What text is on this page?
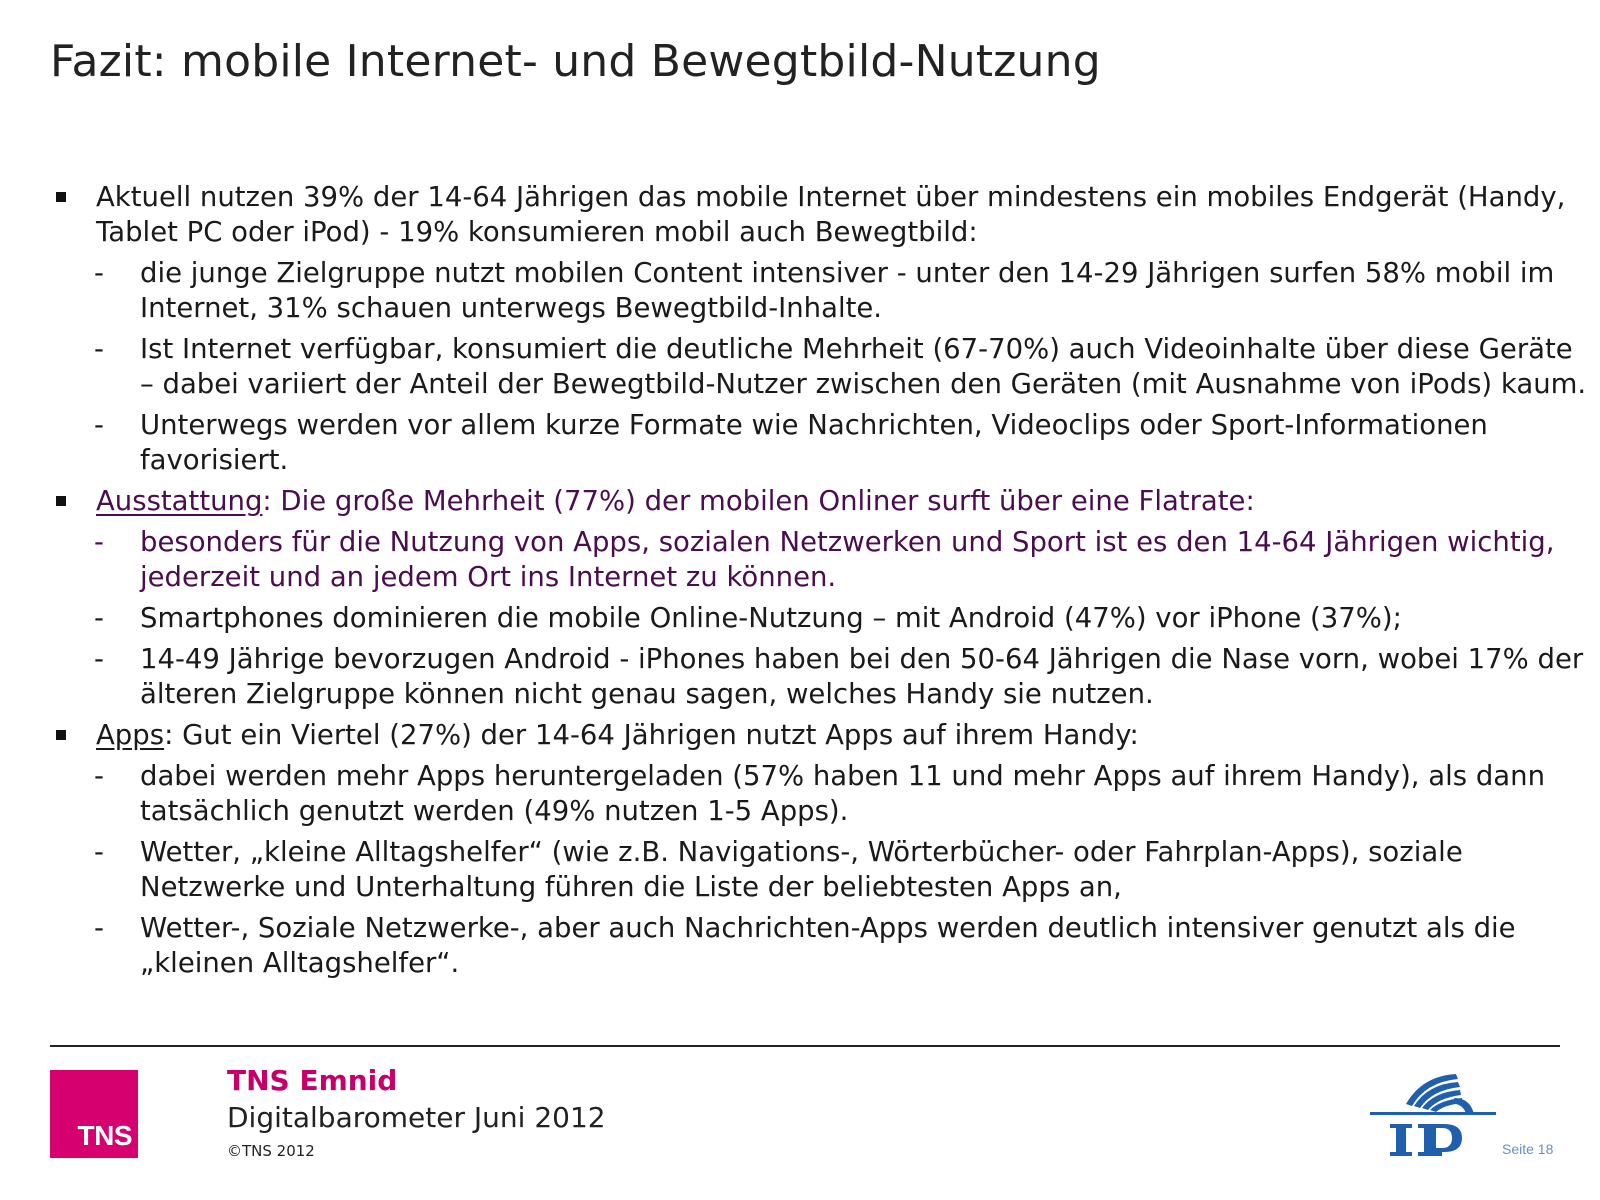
Fazit: mobile Internet- und Bewegtbild-Nutzung
Aktuell nutzen 39% der 14-64 Jährigen das mobile Internet über mindestens ein mobiles Endgerät (Handy, Tablet PC oder iPod) - 19% konsumieren mobil auch Bewegtbild:
- die junge Zielgruppe nutzt mobilen Content intensiver - unter den 14-29 Jährigen surfen 58% mobil im Internet, 31% schauen unterwegs Bewegtbild-Inhalte.
- Ist Internet verfügbar, konsumiert die deutliche Mehrheit (67-70%) auch Videoinhalte über diese Geräte – dabei variiert der Anteil der Bewegtbild-Nutzer zwischen den Geräten (mit Ausnahme von iPods) kaum.
- Unterwegs werden vor allem kurze Formate wie Nachrichten, Videoclips oder Sport-Informationen favorisiert.
Ausstattung: Die große Mehrheit (77%) der mobilen Onliner surft über eine Flatrate:
- besonders für die Nutzung von Apps, sozialen Netzwerken und Sport ist es den 14-64 Jährigen wichtig, jederzeit und an jedem Ort ins Internet zu können.
- Smartphones dominieren die mobile Online-Nutzung – mit Android (47%) vor iPhone (37%);
- 14-49 Jährige bevorzugen Android - iPhones haben bei den 50-64 Jährigen die Nase vorn, wobei 17% der älteren Zielgruppe können nicht genau sagen, welches Handy sie nutzen.
Apps: Gut ein Viertel (27%) der 14-64 Jährigen nutzt Apps auf ihrem Handy:
- dabei werden mehr Apps heruntergeladen (57% haben 11 und mehr Apps auf ihrem Handy), als dann tatsächlich genutzt werden (49% nutzen 1-5 Apps).
- Wetter, „kleine Alltagshelfer“ (wie z.B. Navigations-, Wörterbücher- oder Fahrplan-Apps), soziale Netzwerke und Unterhaltung führen die Liste der beliebtesten Apps an,
- Wetter-, Soziale Netzwerke-, aber auch Nachrichten-Apps werden deutlich intensiver genutzt als die „kleinen Alltagshelfer“.
TNS
TNS Emnid
Digitalbarometer Juni 2012
©TNS 2012
IP
Seite 18
